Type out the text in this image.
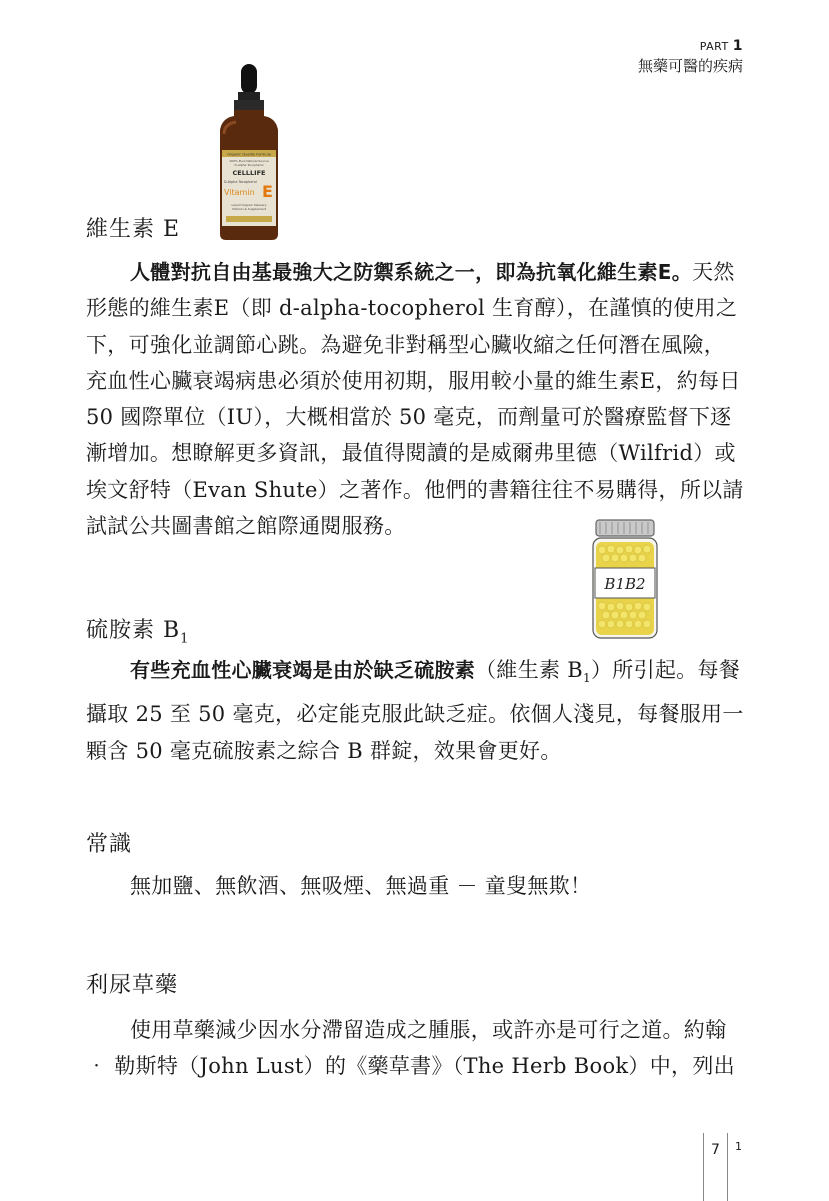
PART 1
無藥可醫的疾病
Organic Quality Formula
100% Pure Natural Source
D-Alpha Tocopherol
CELLLIFE
D-Alpha Tocopherol
Vitamin E
Liquid Organic Delivery
Vitamin & Supplement
維生素 E
人體對抗自由基最強大之防禦系統之一，即為抗氧化維生素E。天然形態的維生素E（即 d-alpha-tocopherol 生育醇），在謹慎的使用之下，可強化並調節心跳。為避免非對稱型心臟收縮之任何潛在風險，充血性心臟衰竭病患必須於使用初期，服用較小量的維生素E，約每日 50 國際單位（IU），大概相當於 50 毫克，而劑量可於醫療監督下逐漸增加。想瞭解更多資訊，最值得閱讀的是威爾弗里德（Wilfrid）或埃文舒特（Evan Shute）之著作。他們的書籍往往不易購得，所以請試試公共圖書館之館際通閱服務。
B1B2
硫胺素 $B_1$
有些充血性心臟衰竭是由於缺乏硫胺素（維生素 $B_1$）所引起。每餐攝取 25 至 50 毫克，必定能克服此缺乏症。依個人淺見，每餐服用一顆含 50 毫克硫胺素之綜合 B 群錠，效果會更好。
常識
無加鹽、無飲酒、無吸煙、無過重 － 童叟無欺！
利尿草藥
使用草藥減少因水分滯留造成之腫脹，或許亦是可行之道。約翰 ‧ 勒斯特（John Lust）的《藥草書》（The Herb Book）中，列出
7 1
